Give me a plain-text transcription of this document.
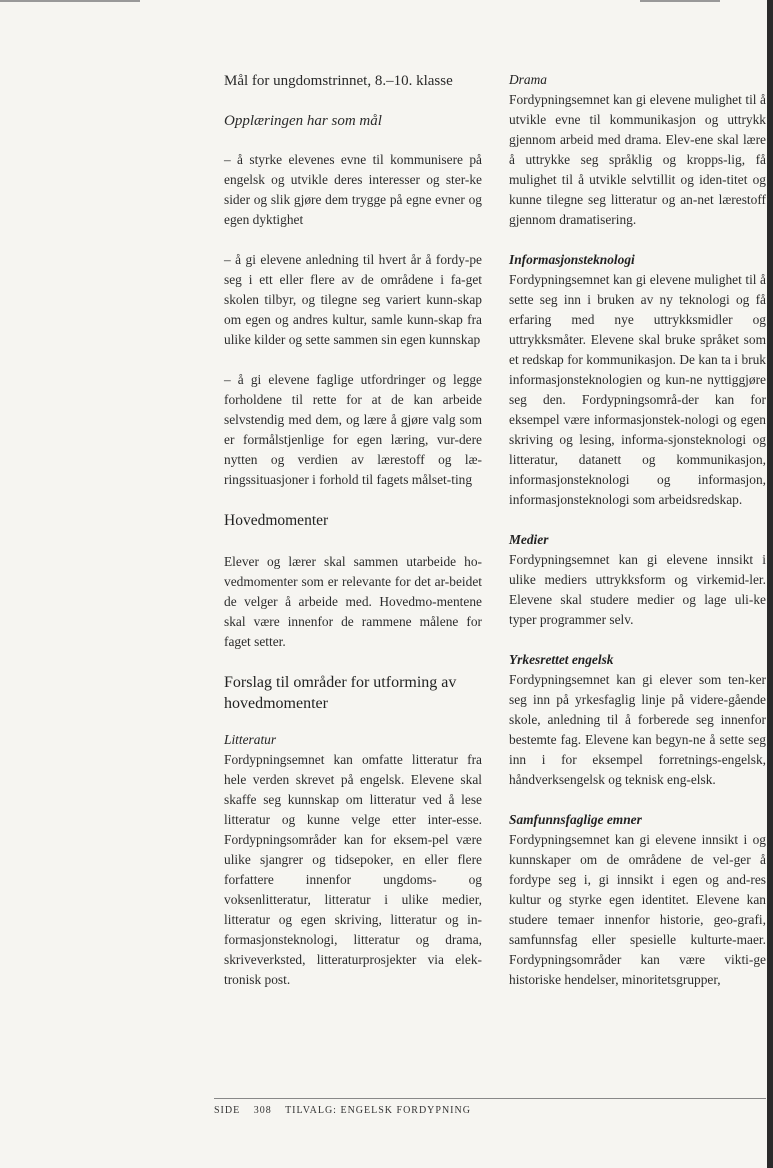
Mål for ungdomstrinnet, 8.–10. klasse

Opplæringen har som mål

– å styrke elevenes evne til kommunisere på engelsk og utvikle deres interesser og ster-ke sider og slik gjøre dem trygge på egne evner og egen dyktighet

– å gi elevene anledning til hvert år å fordy-pe seg i ett eller flere av de områdene i fa-get skolen tilbyr, og tilegne seg variert kunn-skap om egen og andres kultur, samle kunn-skap fra ulike kilder og sette sammen sin egen kunnskap

– å gi elevene faglige utfordringer og legge forholdene til rette for at de kan arbeide selvstendig med dem, og lære å gjøre valg som er formålstjenlige for egen læring, vur-dere nytten og verdien av lærestoff og læ-ringssituasjoner i forhold til fagets målset-ting

Hovedmomenter

Elever og lærer skal sammen utarbeide ho-vedmomenter som er relevante for det ar-beidet de velger å arbeide med. Hovedmo-mentene skal være innenfor de rammene målene for faget setter.

Forslag til områder for utforming av hovedmomenter

Litteratur

Fordypningsemnet kan omfatte litteratur fra hele verden skrevet på engelsk. Elevene skal skaffe seg kunnskap om litteratur ved å lese litteratur og kunne velge etter inter-esse. Fordypningsområder kan for eksem-pel være ulike sjangrer og tidsepoker, en eller flere forfattere innenfor ungdoms- og voksenlitteratur, litteratur i ulike medier, litteratur og egen skriving, litteratur og in-formasjonsteknologi, litteratur og drama, skriveverksted, litteraturprosjekter via elek-tronisk post.

Drama

Fordypningsemnet kan gi elevene mulighet til å utvikle evne til kommunikasjon og uttrykk gjennom arbeid med drama. Elev-ene skal lære å uttrykke seg språklig og kropps-lig, få mulighet til å utvikle selvtillit og iden-titet og kunne tilegne seg litteratur og an-net lærestoff gjennom dramatisering.

Informasjonsteknologi

Fordypningsemnet kan gi elevene mulighet til å sette seg inn i bruken av ny teknologi og få erfaring med nye uttrykksmidler og uttrykksmåter. Elevene skal bruke språket som et redskap for kommunikasjon. De kan ta i bruk informasjonsteknologien og kun-ne nyttiggjøre seg den. Fordypningsområ-der kan for eksempel være informasjonstek-nologi og egen skriving og lesing, informa-sjonsteknologi og litteratur, datanett og kommunikasjon, informasjonsteknologi og informasjon, informasjonsteknologi som arbeidsredskap.

Medier

Fordypningsemnet kan gi elevene innsikt i ulike mediers uttrykksform og virkemid-ler. Elevene skal studere medier og lage uli-ke typer programmer selv.

Yrkesrettet engelsk

Fordypningsemnet kan gi elever som ten-ker seg inn på yrkesfaglig linje på videre-gående skole, anledning til å forberede seg innenfor bestemte fag. Elevene kan begyn-ne å sette seg inn i for eksempel forretnings-engelsk, håndverksengelsk og teknisk eng-elsk.

Samfunnsfaglige emner

Fordypningsemnet kan gi elevene innsikt i og kunnskaper om de områdene de vel-ger å fordype seg i, gi innsikt i egen og and-res kultur og styrke egen identitet. Elevene kan studere temaer innenfor historie, geo-grafi, samfunnsfag eller spesielle kulturte-maer. Fordypningsområder kan være vikti-ge historiske hendelser, minoritetsgrupper,

SIDE 308 TILVALG: ENGELSK FORDYPNING
